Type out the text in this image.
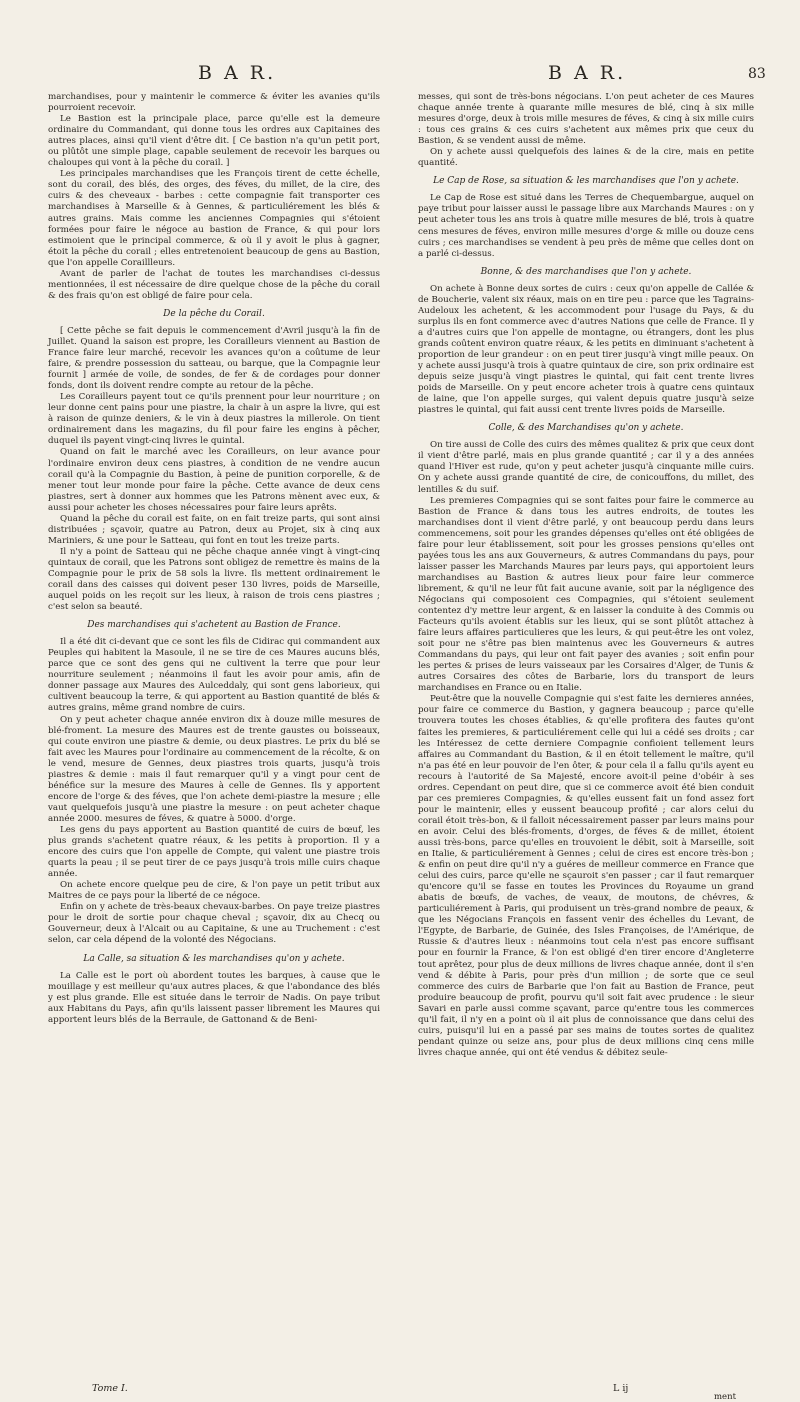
B A R.	B A R.	83

marchandises, pour y maintenir le commerce & éviter les avanies qu'ils pourroient recevoir.

Le Bastion est la principale place, parce qu'elle est la demeure ordinaire du Commandant, qui donne tous les ordres aux Capitaines des autres places, ainsi qu'il vient d'être dit. [ Ce bastion n'a qu'un petit port, ou plûtôt une simple plage, capable seulement de recevoir les barques ou chaloupes qui vont à la pêche du corail. ]

Les principales marchandises que les François tirent de cette échelle, sont du corail, des blés, des orges, des féves, du millet, de la cire, des cuirs & des cheveaux - barbes : cette compagnie fait transporter ces marchandises à Marseille & à Gennes, & particuliérement les blés & autres grains. Mais comme les anciennes Compagnies qui s'étoient formées pour faire le négoce au bastion de France, & qui pour lors estimoient que le principal commerce, & où il y avoit le plus à gagner, étoit la pêche du corail ; elles entretenoient beaucoup de gens au Bastion, que l'on appelle Coraillleurs.

Avant de parler de l'achat de toutes les marchandises ci-dessus mentionnées, il est nécessaire de dire quelque chose de la pêche du corail & des frais qu'on est obligé de faire pour cela.

De la pêche du Corail.

[ Cette pêche se fait depuis le commencement d'Avril jusqu'à la fin de Juillet. Quand la saison est propre, les Corailleurs viennent au Bastion de France faire leur marché, recevoir les avances qu'on a coûtume de leur faire, & prendre possession du satteau, ou barque, que la Compagnie leur fournit ] armée de voile, de sondes, de fer & de cordages pour donner fonds, dont ils doivent rendre compte au retour de la pêche.

Les Corailleurs payent tout ce qu'ils prennent pour leur nourriture ; on leur donne cent pains pour une piastre, la chair à un aspre la livre, qui est à raison de quinze deniers, & le vin à deux piastres la millerole. On tient ordinairement dans les magazins, du fil pour faire les engins à pêcher, duquel ils payent vingt-cinq livres le quintal.

Quand on fait le marché avec les Corailleurs, on leur avance pour l'ordinaire environ deux cens piastres, à condition de ne vendre aucun corail qu'à la Compagnie du Bastion, à peine de punition corporelle, & de mener tout leur monde pour faire la pêche. Cette avance de deux cens piastres, sert à donner aux hommes que les Patrons mènent avec eux, & aussi pour acheter les choses nécessaires pour faire leurs aprêts.

Quand la pêche du corail est faite, on en fait treize parts, qui sont ainsi distribuées ; sçavoir, quatre au Patron, deux au Projet, six à cinq aux Mariniers, & une pour le Satteau, qui font en tout les treize parts.

Il n'y a point de Satteau qui ne pêche chaque année vingt à vingt-cinq quintaux de corail, que les Patrons sont obligez de remettre ès mains de la Compagnie pour le prix de 58 sols la livre. Ils mettent ordinairement le corail dans des caisses qui doivent peser 130 livres, poids de Marseille, auquel poids on les reçoit sur les lieux, à raison de trois cens piastres ; c'est selon sa beauté.

Des marchandises qui s'achetent au Bastion de France.

Il a été dit ci-devant que ce sont les fils de Cidirac qui commandent aux Peuples qui habitent la Masoule, il ne se tire de ces Maures aucuns blés, parce que ce sont des gens qui ne cultivent la terre que pour leur nourriture seulement ; néanmoins il faut les avoir pour amis, afin de donner passage aux Maures des Aulceddaly, qui sont gens laborieux, qui cultivent beaucoup la terre, & qui apportent au Bastion quantité de blés & autres grains, même grand nombre de cuirs.

On y peut acheter chaque année environ dix à douze mille mesures de blé-froment. La mesure des Maures est de trente gaustes ou boisseaux, qui coute environ une piastre & demie, ou deux piastres. Le prix du blé se fait avec les Maures pour l'ordinaire au commencement de la récolte, & on le vend, mesure de Gennes, deux piastres trois quarts, jusqu'à trois piastres & demie : mais il faut remarquer qu'il y a vingt pour cent de bénéfice sur la mesure des Maures à celle de Gennes. Ils y apportent encore de l'orge & des féves, que l'on achete demi-piastre la mesure ; elle vaut quelquefois jusqu'à une piastre la mesure : on peut acheter chaque année 2000. mesures de féves, & quatre à 5000. d'orge.

Les gens du pays apportent au Bastion quantité de cuirs de bœuf, les plus grands s'achetent quatre réaux, & les petits à proportion. Il y a encore des cuirs que l'on appelle de Compte, qui valent une piastre trois quarts la peau ; il se peut tirer de ce pays jusqu'à trois mille cuirs chaque année.

On achete encore quelque peu de cire, & l'on paye un petit tribut aux Maitres de ce pays pour la liberté de ce négoce.

Enfin on y achete de très-beaux chevaux-barbes. On paye treize piastres pour le droit de sortie pour chaque cheval ; sçavoir, dix au Checq ou Gouverneur, deux à l'Alcait ou au Capitaine, & une au Truchement : c'est selon, car cela dépend de la volonté des Négocians.

La Calle, sa situation & les marchandises qu'on y achete.

La Calle est le port où abordent toutes les barques, à cause que le mouillage y est meilleur qu'aux autres places, & que l'abondance des blés y est plus grande. Elle est située dans le terroir de Nadis. On paye tribut aux Habitans du Pays, afin qu'ils laissent passer librement les Maures qui apportent leurs blés de la Berraule, de Gattonand & de Beni-

messes, qui sont de très-bons négocians. L'on peut acheter de ces Maures chaque année trente à quarante mille mesures de blé, cinq à six mille mesures d'orge, deux à trois mille mesures de féves, & cinq à six mille cuirs : tous ces grains & ces cuirs s'achetent aux mêmes prix que ceux du Bastion, & se vendent aussi de même.

On y achete aussi quelquefois des laines & de la cire, mais en petite quantité.

Le Cap de Rose, sa situation & les marchandises que l'on y achete.

Le Cap de Rose est situé dans les Terres de Chequembargue, auquel on paye tribut pour laisser aussi le passage libre aux Marchands Maures : on y peut acheter tous les ans trois à quatre mille mesures de blé, trois à quatre cens mesures de féves, environ mille mesures d'orge & mille ou douze cens cuirs ; ces marchandises se vendent à peu près de même que celles dont on a parlé ci-dessus.

Bonne, & des marchandises que l'on y achete.

On achete à Bonne deux sortes de cuirs : ceux qu'on appelle de Callée & de Boucherie, valent six réaux, mais on en tire peu : parce que les Tagrains-Audeloux les achetent, & les accommodent pour l'usage du Pays, & du surplus ils en font commerce avec d'autres Nations que celle de France. Il y a d'autres cuirs que l'on appelle de montagne, ou étrangers, dont les plus grands coûtent environ quatre réaux, & les petits en diminuant s'achetent à proportion de leur grandeur : on en peut tirer jusqu'à vingt mille peaux. On y achete aussi jusqu'à trois à quatre quintaux de cire, son prix ordinaire est depuis seize jusqu'à vingt piastres le quintal, qui fait cent trente livres poids de Marseille. On y peut encore acheter trois à quatre cens quintaux de laine, que l'on appelle surges, qui valent depuis quatre jusqu'à seize piastres le quintal, qui fait aussi cent trente livres poids de Marseille.

Colle, & des Marchandises qu'on y achete.

On tire aussi de Colle des cuirs des mêmes qualitez & prix que ceux dont il vient d'être parlé, mais en plus grande quantité ; car il y a des années quand l'Hiver est rude, qu'on y peut acheter jusqu'à cinquante mille cuirs. On y achete aussi grande quantité de cire, de conicouffons, du millet, des lentilles & du suif.

Les premieres Compagnies qui se sont faites pour faire le commerce au Bastion de France & dans tous les autres endroits, de toutes les marchandises dont il vient d'être parlé, y ont beaucoup perdu dans leurs commencemens, soit pour les grandes dépenses qu'elles ont été obligées de faire pour leur établissement, soit pour les grosses pensions qu'elles ont payées tous les ans aux Gouverneurs, & autres Commandans du pays, pour laisser passer les Marchands Maures par leurs pays, qui apportoient leurs marchandises au Bastion & autres lieux pour faire leur commerce librement, & qu'il ne leur fût fait aucune avanie, soit par la négligence des Négocians qui composoient ces Compagnies, qui s'étoient seulement contentez d'y mettre leur argent, & en laisser la conduite à des Commis ou Facteurs qu'ils avoient établis sur les lieux, qui se sont plûtôt attachez à faire leurs affaires particulieres que les leurs, & qui peut-être les ont volez, soit pour ne s'être pas bien maintenus avec les Gouverneurs & autres Commandans du pays, qui leur ont fait payer des avanies ; soit enfin pour les pertes & prises de leurs vaisseaux par les Corsaires d'Alger, de Tunis & autres Corsaires des côtes de Barbarie, lors du transport de leurs marchandises en France ou en Italie.

Peut-être que la nouvelle Compagnie qui s'est faite les dernieres années, pour faire ce commerce du Bastion, y gagnera beaucoup ; parce qu'elle trouvera toutes les choses établies, & qu'elle profitera des fautes qu'ont faites les premieres, & particuliérement celle qui lui a cédé ses droits ; car les Intéressez de cette derniere Compagnie confioient tellement leurs affaires au Commandant du Bastion, & il en étoit tellement le maître, qu'il n'a pas été en leur pouvoir de l'en ôter, & pour cela il a fallu qu'ils ayent eu recours à l'autorité de Sa Majesté, encore avoit-il peine d'obéir à ses ordres. Cependant on peut dire, que si ce commerce avoit été bien conduit par ces premieres Compagnies, & qu'elles eussent fait un fond assez fort pour le maintenir, elles y eussent beaucoup profité ; car alors celui du corail étoit très-bon, & il falloit nécessairement passer par leurs mains pour en avoir. Celui des blés-froments, d'orges, de féves & de millet, étoient aussi très-bons, parce qu'elles en trouvoient le débit, soit à Marseille, soit en Italie, & particuliérement à Gennes ; celui de cires est encore très-bon ; & enfin on peut dire qu'il n'y a guéres de meilleur commerce en France que celui des cuirs, parce qu'elle ne sçauroit s'en passer ; car il faut remarquer qu'encore qu'il se fasse en toutes les Provinces du Royaume un grand abatis de bœufs, de vaches, de veaux, de moutons, de chévres, & particuliérement à Paris, qui produisent un très-grand nombre de peaux, & que les Négocians François en fassent venir des échelles du Levant, de l'Egypte, de Barbarie, de Guinée, des Isles Françoises, de l'Amérique, de Russie & d'autres lieux : néanmoins tout cela n'est pas encore suffisant pour en fournir la France, & l'on est obligé d'en tirer encore d'Angleterre tout aprêtez, pour plus de deux millions de livres chaque année, dont il s'en vend & débite à Paris, pour près d'un million ; de sorte que ce seul commerce des cuirs de Barbarie que l'on fait au Bastion de France, peut produire beaucoup de profit, pourvu qu'il soit fait avec prudence : le sieur Savari en parle aussi comme sçavant, parce qu'entre tous les commerces qu'il fait, il n'y en a point où il ait plus de connoissance que dans celui des cuirs, puisqu'il lui en a passé par ses mains de toutes sortes de qualitez pendant quinze ou seize ans, pour plus de deux millions cinq cens mille livres chaque année, qui ont été vendus & débitez seule-

Tome I.	L ij
ment
